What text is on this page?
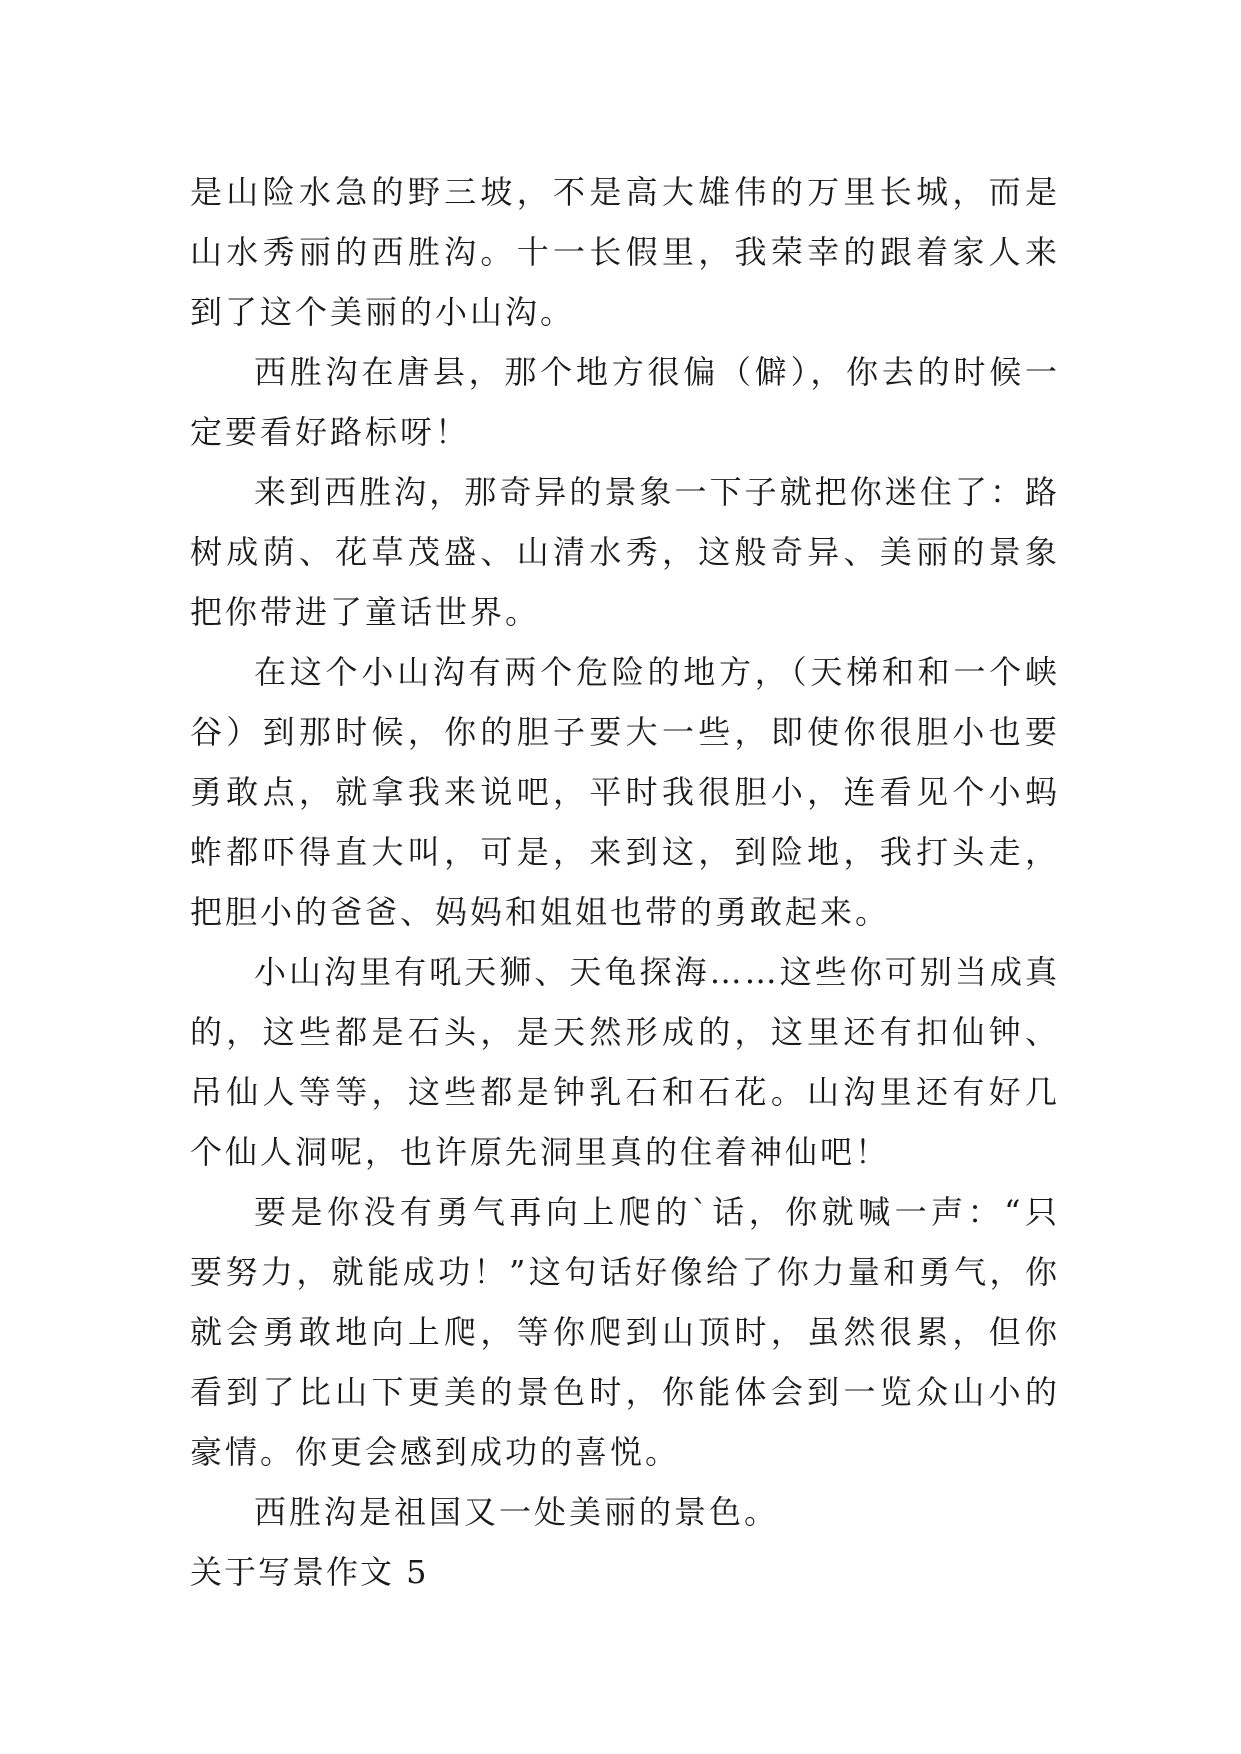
是山险水急的野三坡，不是高大雄伟的万里长城，而是山水秀丽的西胜沟。十一长假里，我荣幸的跟着家人来到了这个美丽的小山沟。

西胜沟在唐县，那个地方很偏（僻），你去的时候一定要看好路标呀！

来到西胜沟，那奇异的景象一下子就把你迷住了：路树成荫、花草茂盛、山清水秀，这般奇异、美丽的景象把你带进了童话世界。

在这个小山沟有两个危险的地方，（天梯和和一个峡谷）到那时候，你的胆子要大一些，即使你很胆小也要勇敢点，就拿我来说吧，平时我很胆小，连看见个小蚂蚱都吓得直大叫，可是，来到这，到险地，我打头走，把胆小的爸爸、妈妈和姐姐也带的勇敢起来。

小山沟里有吼天狮、天龟探海……这些你可别当成真的，这些都是石头，是天然形成的，这里还有扣仙钟、吊仙人等等，这些都是钟乳石和石花。山沟里还有好几个仙人洞呢，也许原先洞里真的住着神仙吧！

要是你没有勇气再向上爬的`话，你就喊一声：“只要努力，就能成功！”这句话好像给了你力量和勇气，你就会勇敢地向上爬，等你爬到山顶时，虽然很累，但你看到了比山下更美的景色时，你能体会到一览众山小的豪情。你更会感到成功的喜悦。

西胜沟是祖国又一处美丽的景色。

关于写景作文 5
